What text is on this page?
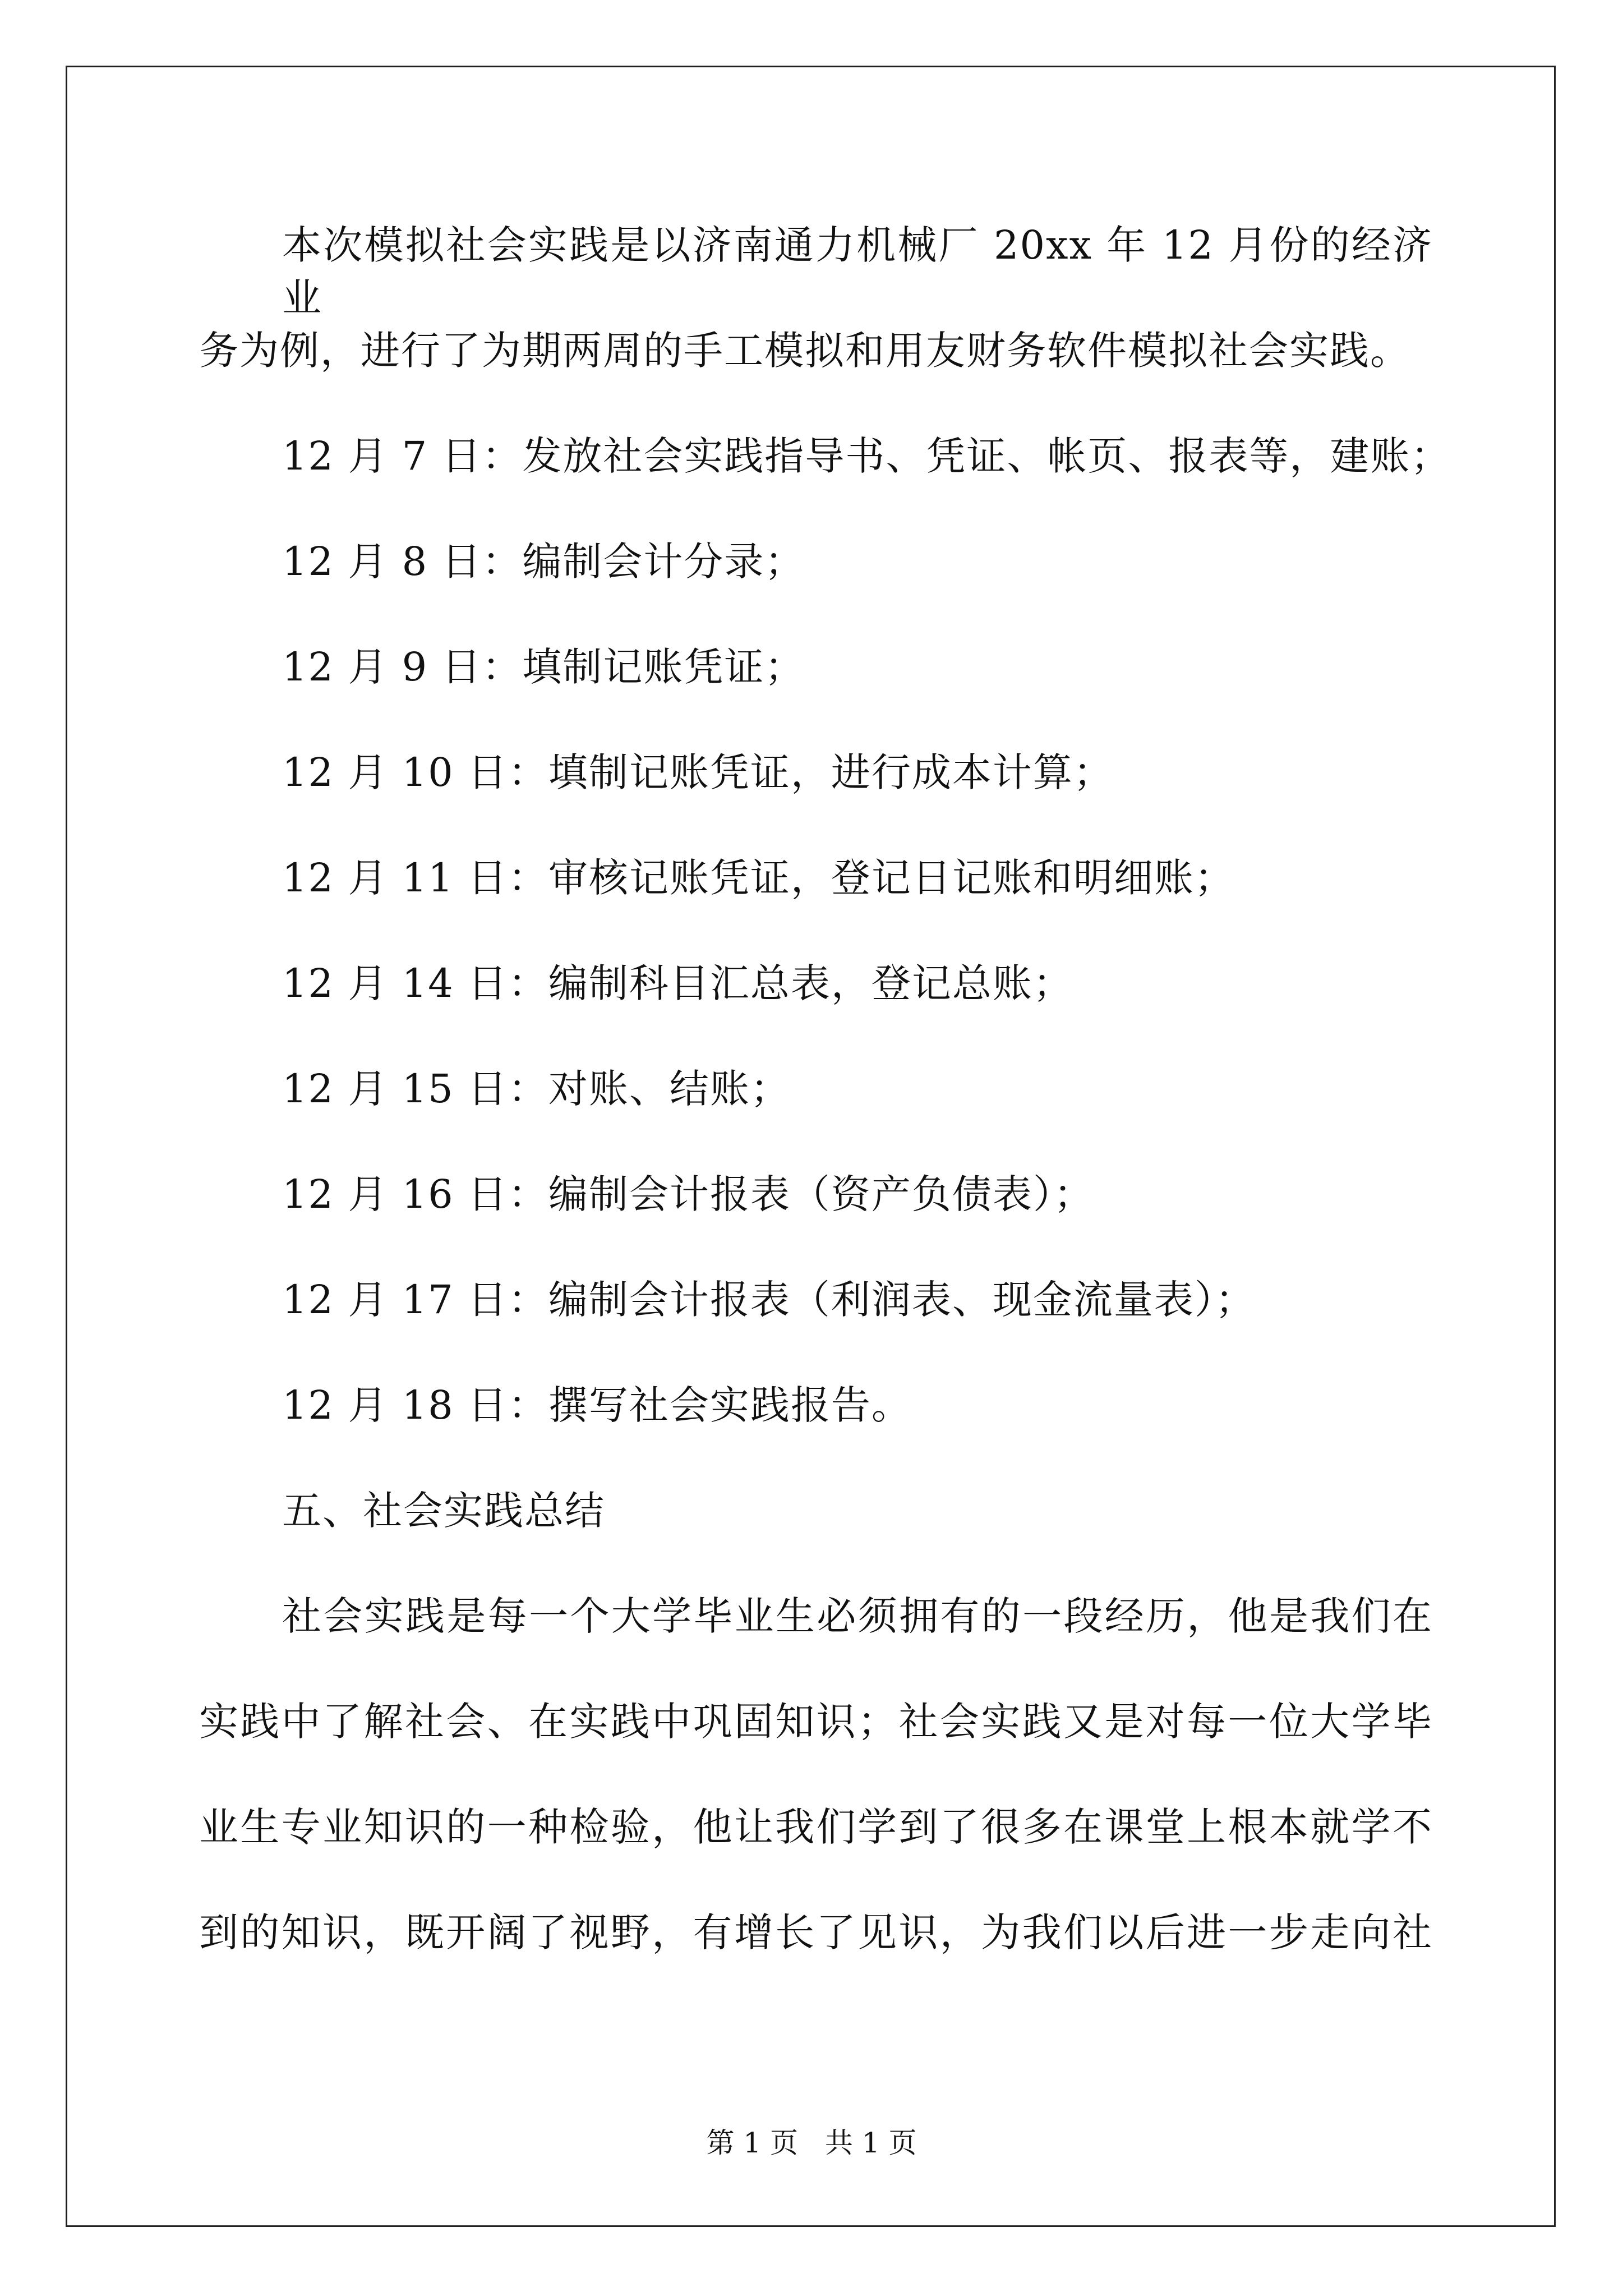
本次模拟社会实践是以济南通力机械厂 20xx 年 12 月份的经济业
务为例，进行了为期两周的手工模拟和用友财务软件模拟社会实践。
12 月 7 日：发放社会实践指导书、凭证、帐页、报表等，建账；
12 月 8 日：编制会计分录；
12 月 9 日：填制记账凭证；
12 月 10 日：填制记账凭证，进行成本计算；
12 月 11 日：审核记账凭证，登记日记账和明细账；
12 月 14 日：编制科目汇总表，登记总账；
12 月 15 日：对账、结账；
12 月 16 日：编制会计报表（资产负债表）；
12 月 17 日：编制会计报表（利润表、现金流量表）；
12 月 18 日：撰写社会实践报告。
五、社会实践总结
社会实践是每一个大学毕业生必须拥有的一段经历，他是我们在
实践中了解社会、在实践中巩固知识；社会实践又是对每一位大学毕
业生专业知识的一种检验，他让我们学到了很多在课堂上根本就学不
到的知识，既开阔了视野，有增长了见识，为我们以后进一步走向社
第 1 页 共 1 页
